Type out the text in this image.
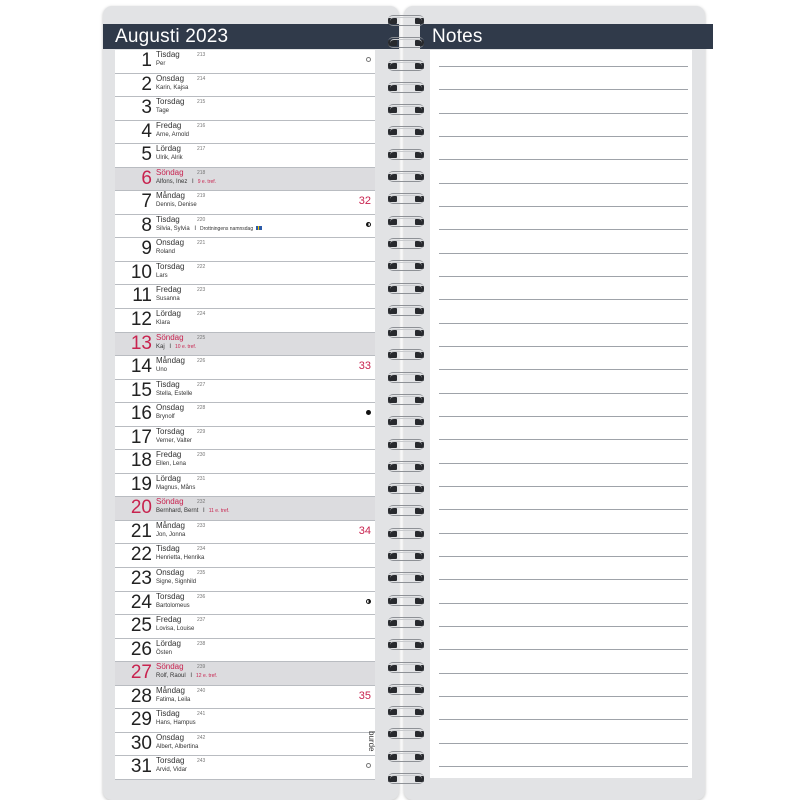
Augusti 2023	Notes
1 Tisdag	213
Per
2 Onsdag	214
Karin, Kajsa
3 Torsdag	215
Tage
4 Fredag	216
Arne, Arnold
5 Lördag	217
Ulrik, Alrik
6 Söndag	218
Alfons, Inez I 9 e. tref.
7 Måndag 219
Dennis, Denise	32
8 Tisdag	220
Silvia, Sylvia I Drottningens namnsdag
9 Onsdag	221
Roland
10 Torsdag	222
Lars
11 Fredag	223
Susanna
12 Lördag	224
Klara
13 Söndag	225
Kaj I 10 e. tref.
14 Måndag 226
Uno	33
15 Tisdag	227
Stella, Estelle
16 Onsdag	228
Brynolf
17 Torsdag	229
Verner, Valter
18 Fredag	230
Ellen, Lena
19 Lördag	231
Magnus, Måns
20 Söndag	232
Bernhard, Bernt I 11 e. tref.
21 Måndag 233
Jon, Jonna	34
22 Tisdag	234
Henrietta, Henrika
23 Onsdag	235
Signe, Signhild
24 Torsdag	236
Bartolomeus
25 Fredag	237
Lovisa, Louise
26 Lördag	238
Östen
27 Söndag	239
Rolf, Raoul I 12 e. tref.
28 Måndag 240
Fatima, Leila	35
29 Tisdag	241
Hans, Hampus
30 Onsdag	242
Albert, Albertina
31 Torsdag	243
Arvid, Vidar
burde
